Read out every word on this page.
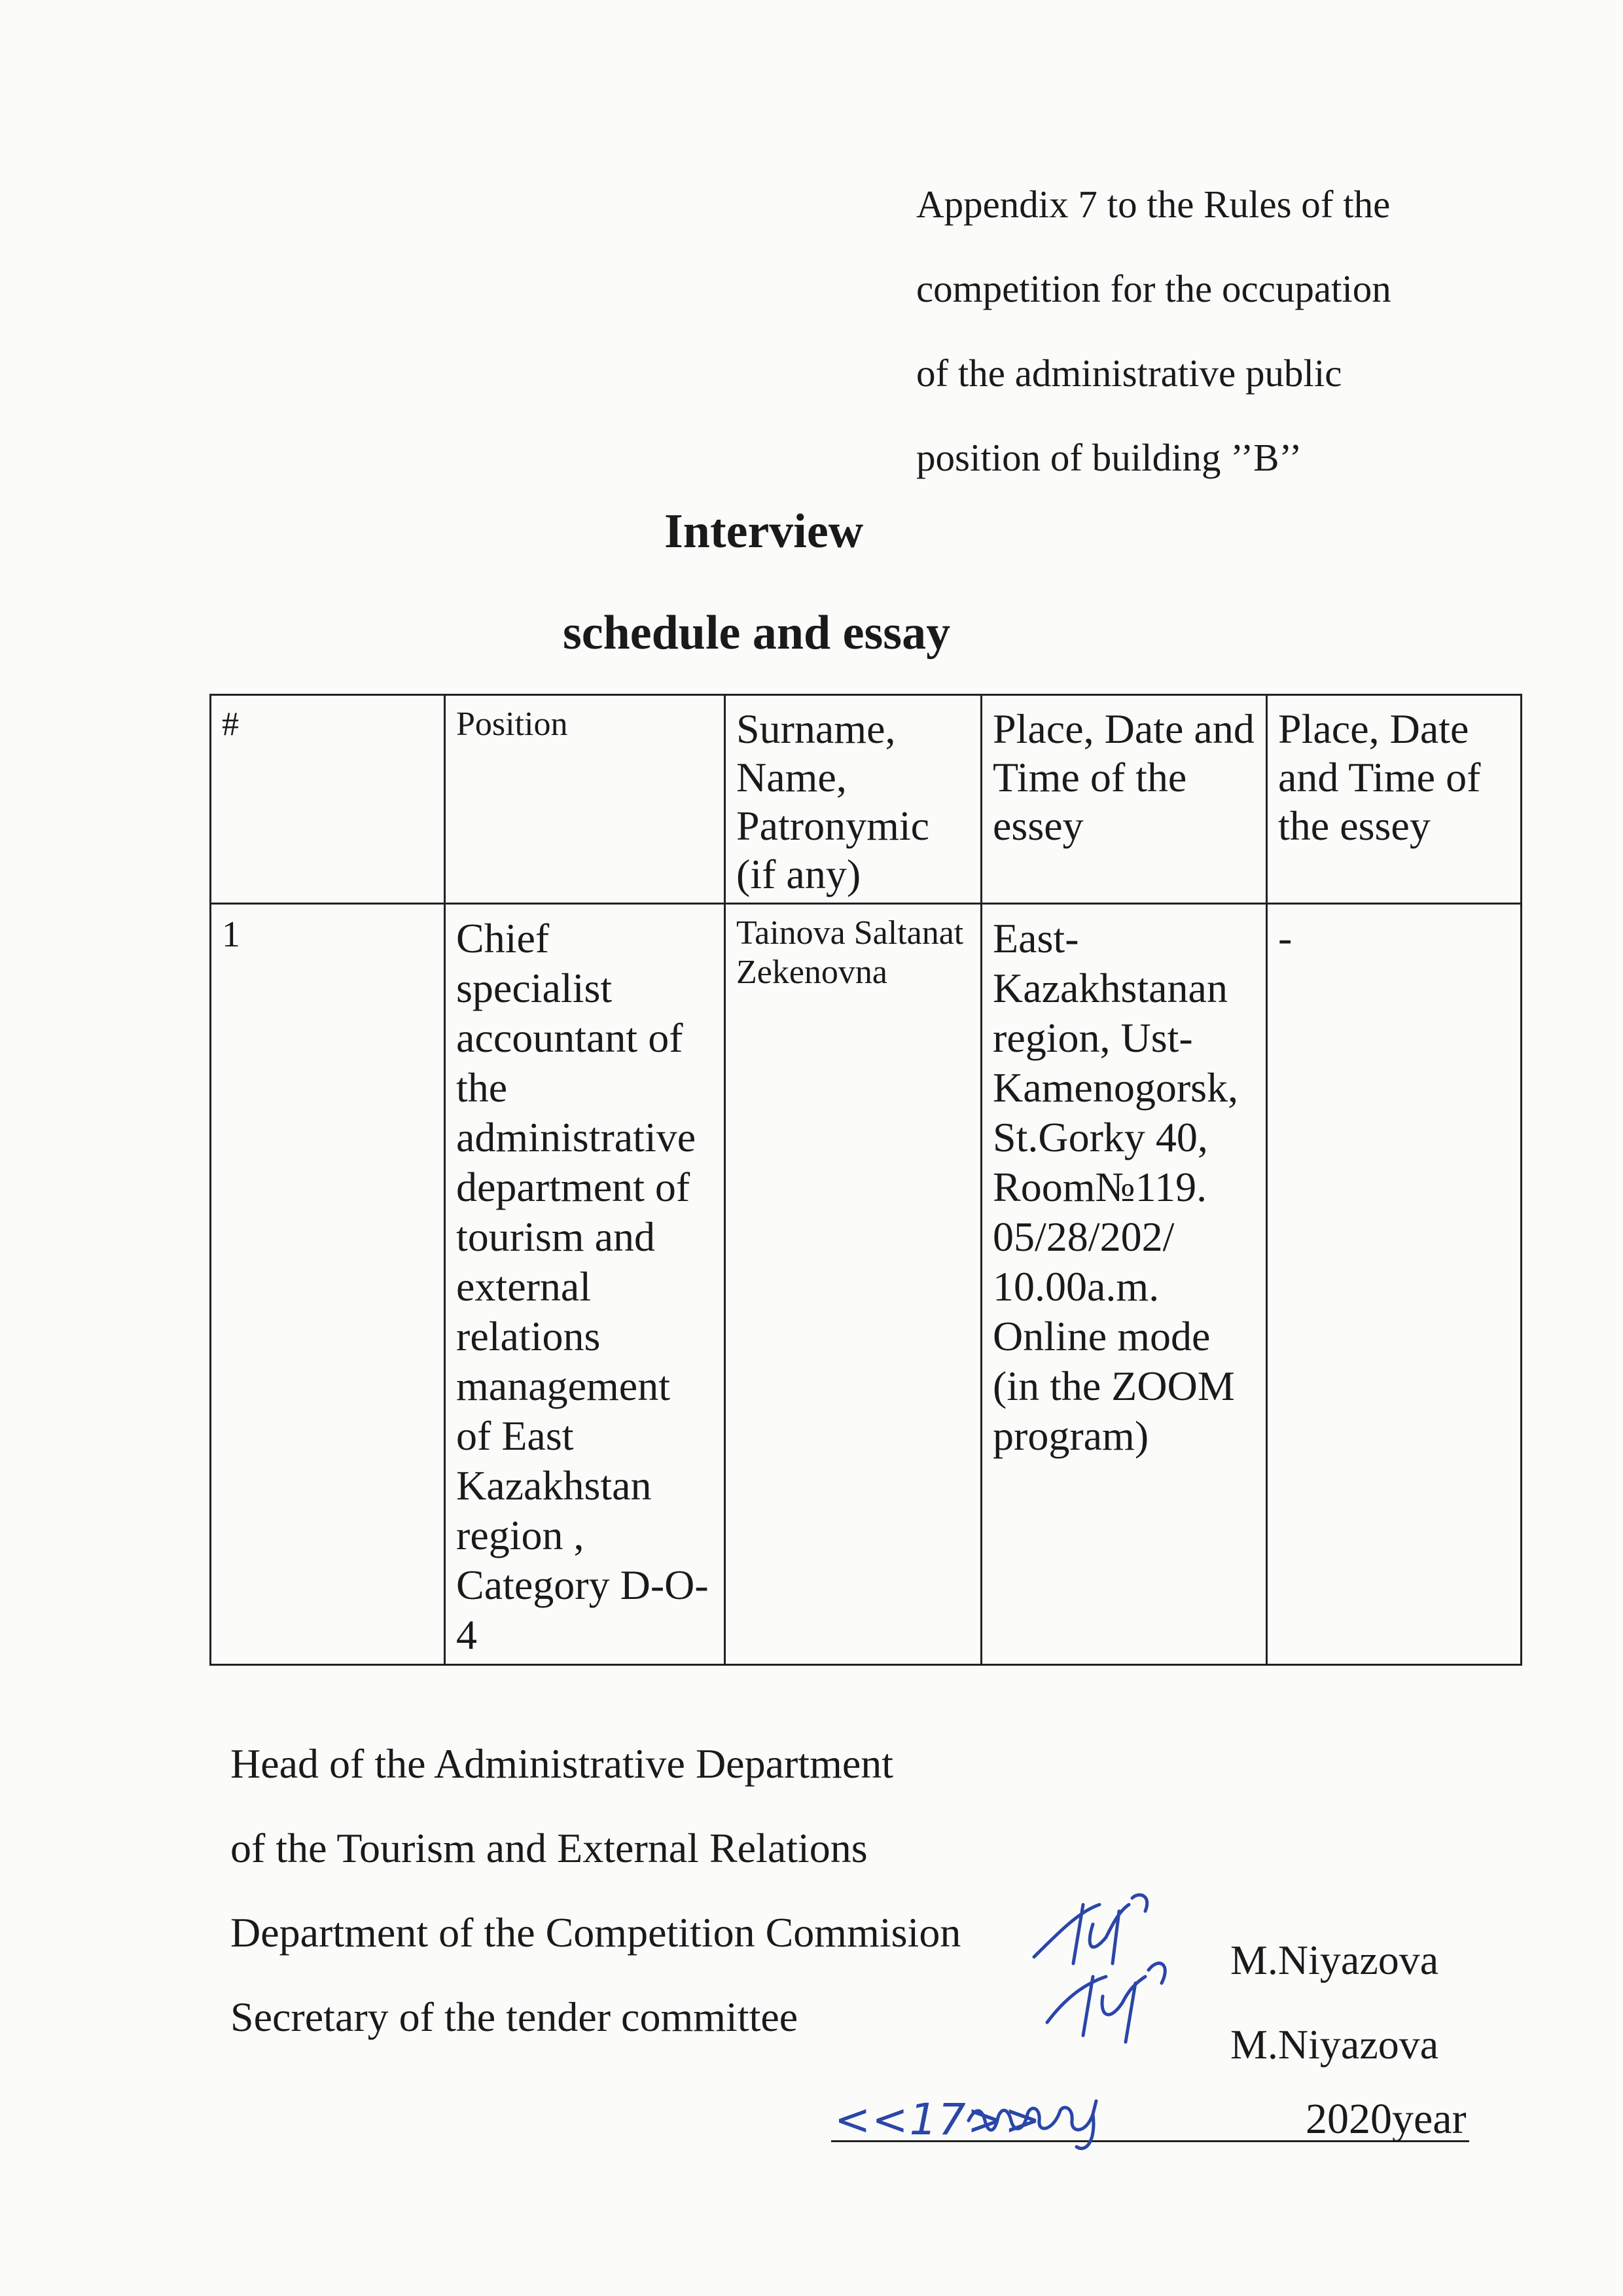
Appendix 7 to the Rules of the
competition for the occupation
of the administrative public
position of building ’’B’’
Interview
schedule and essay
#	Position	Surname, Name, Patronymic (if any)	Place, Date and Time of the essey	Place, Date and Time of the essey
1	Chief specialist accountant of the administrative department of tourism and external relations management of East Kazakhstan region , Category D-O-4	Tainova Saltanat Zekenovna	East-Kazakhstanan region, Ust-Kamenogorsk, St.Gorky 40, Room№119. 05/28/202/ 10.00a.m. Online mode (in the ZOOM program)	-
Head of the Administrative Department
of the Tourism and External Relations
Department of the Competition Commision
Secretary of the tender committee
M.Niyazova
M.Niyazova
<<17>>	2020year
